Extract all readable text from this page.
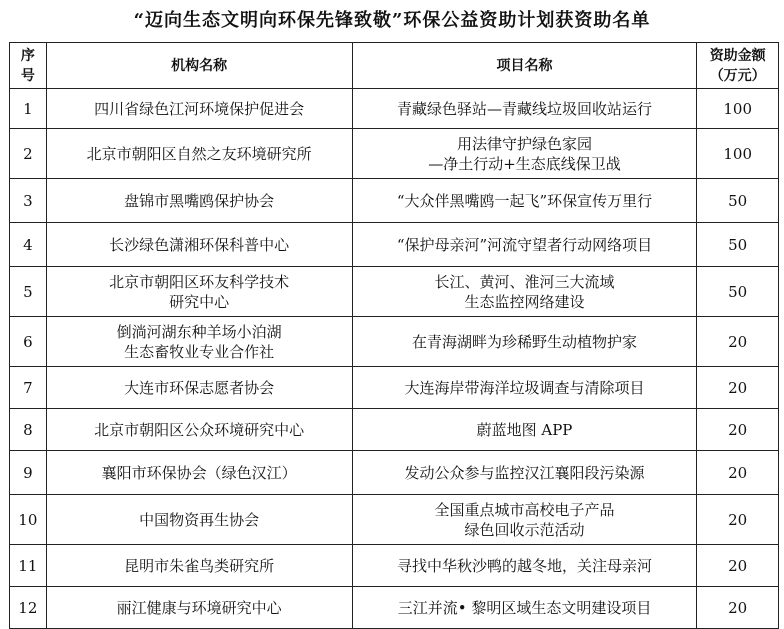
“迈向生态文明向环保先锋致敬”环保公益资助计划获资助名单
序
号	机构名称	项目名称	资助金额
（万元）
1	四川省绿色江河环境保护促进会	青藏绿色驿站—青藏线垃圾回收站运行	100
2	北京市朝阳区自然之友环境研究所	用法律守护绿色家园
—净土行动+生态底线保卫战	100
3	盘锦市黑嘴鸥保护协会	“大众伴黑嘴鸥一起飞”环保宣传万里行	50
4	长沙绿色潇湘环保科普中心	“保护母亲河”河流守望者行动网络项目	50
5	北京市朝阳区环友科学技术
研究中心	长江、黄河、淮河三大流域
生态监控网络建设	50
6	倒淌河湖东种羊场小泊湖
生态畜牧业专业合作社	在青海湖畔为珍稀野生动植物护家	20
7	大连市环保志愿者协会	大连海岸带海洋垃圾调查与清除项目	20
8	北京市朝阳区公众环境研究中心	蔚蓝地图 APP	20
9	襄阳市环保协会（绿色汉江）	发动公众参与监控汉江襄阳段污染源	20
10	中国物资再生协会	全国重点城市高校电子产品
绿色回收示范活动	20
11	昆明市朱雀鸟类研究所	寻找中华秋沙鸭的越冬地，关注母亲河	20
12	丽江健康与环境研究中心	三江并流• 黎明区域生态文明建设项目	20
